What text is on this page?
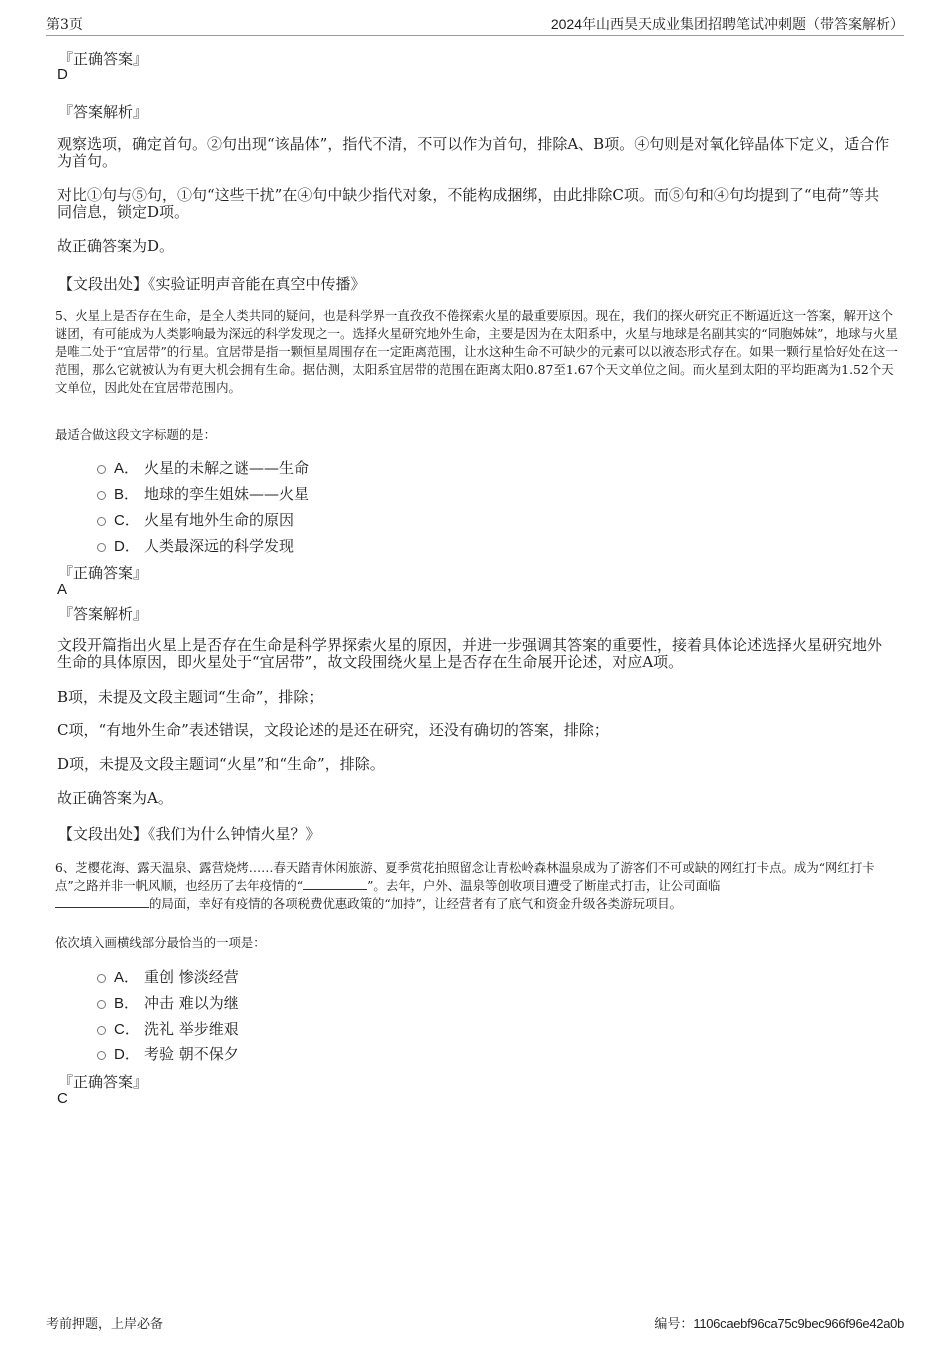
第3页	2024年山西昊天成业集团招聘笔试冲刺题（带答案解析）
『正确答案』
D
『答案解析』
观察选项，确定首句。②句出现“该晶体”，指代不清，不可以作为首句，排除A、B项。④句则是对氧化锌晶体下定义，适合作为首句。
对比①句与⑤句，①句“这些干扰”在④句中缺少指代对象，不能构成捆绑，由此排除C项。而⑤句和④句均提到了“电荷”等共同信息，锁定D项。
故正确答案为D。
【文段出处】《实验证明声音能在真空中传播》
5、火星上是否存在生命，是全人类共同的疑问，也是科学界一直孜孜不倦探索火星的最重要原因。现在，我们的探火研究正不断逼近这一答案，解开这个谜团，有可能成为人类影响最为深远的科学发现之一。选择火星研究地外生命，主要是因为在太阳系中，火星与地球是名副其实的“同胞姊妹”，地球与火星是唯二处于“宜居带”的行星。宜居带是指一颗恒星周围存在一定距离范围，让水这种生命不可缺少的元素可以以液态形式存在。如果一颗行星恰好处在这一范围，那么它就被认为有更大机会拥有生命。据估测，太阳系宜居带的范围在距离太阳0.87至1.67个天文单位之间。而火星到太阳的平均距离为1.52个天文单位，因此处在宜居带范围内。
最适合做这段文字标题的是：
A． 火星的未解之谜——生命
B． 地球的孪生姐妹——火星
C． 火星有地外生命的原因
D． 人类最深远的科学发现
『正确答案』
A
『答案解析』
文段开篇指出火星上是否存在生命是科学界探索火星的原因，并进一步强调其答案的重要性，接着具体论述选择火星研究地外生命的具体原因，即火星处于“宜居带”，故文段围绕火星上是否存在生命展开论述，对应A项。
B项，未提及文段主题词“生命”，排除；
C项，“有地外生命”表述错误，文段论述的是还在研究，还没有确切的答案，排除；
D项，未提及文段主题词“火星”和“生命”，排除。
故正确答案为A。
【文段出处】《我们为什么钟情火星？》
6、芝樱花海、露天温泉、露营烧烤……春天踏青休闲旅游、夏季赏花拍照留念让青松岭森林温泉成为了游客们不可或缺的网红打卡点。成为“网红打卡点”之路并非一帆风顺，也经历了去年疫情的“	”。去年，户外、温泉等创收项目遭受了断崖式打击，让公司面临
的局面，幸好有疫情的各项税费优惠政策的“加持”，让经营者有了底气和资金升级各类游玩项目。
依次填入画横线部分最恰当的一项是：
A． 重创 惨淡经营
B． 冲击 难以为继
C． 洗礼 举步维艰
D． 考验 朝不保夕
『正确答案』
C
考前押题，上岸必备	编号：1106caebf96ca75c9bec966f96e42a0b
